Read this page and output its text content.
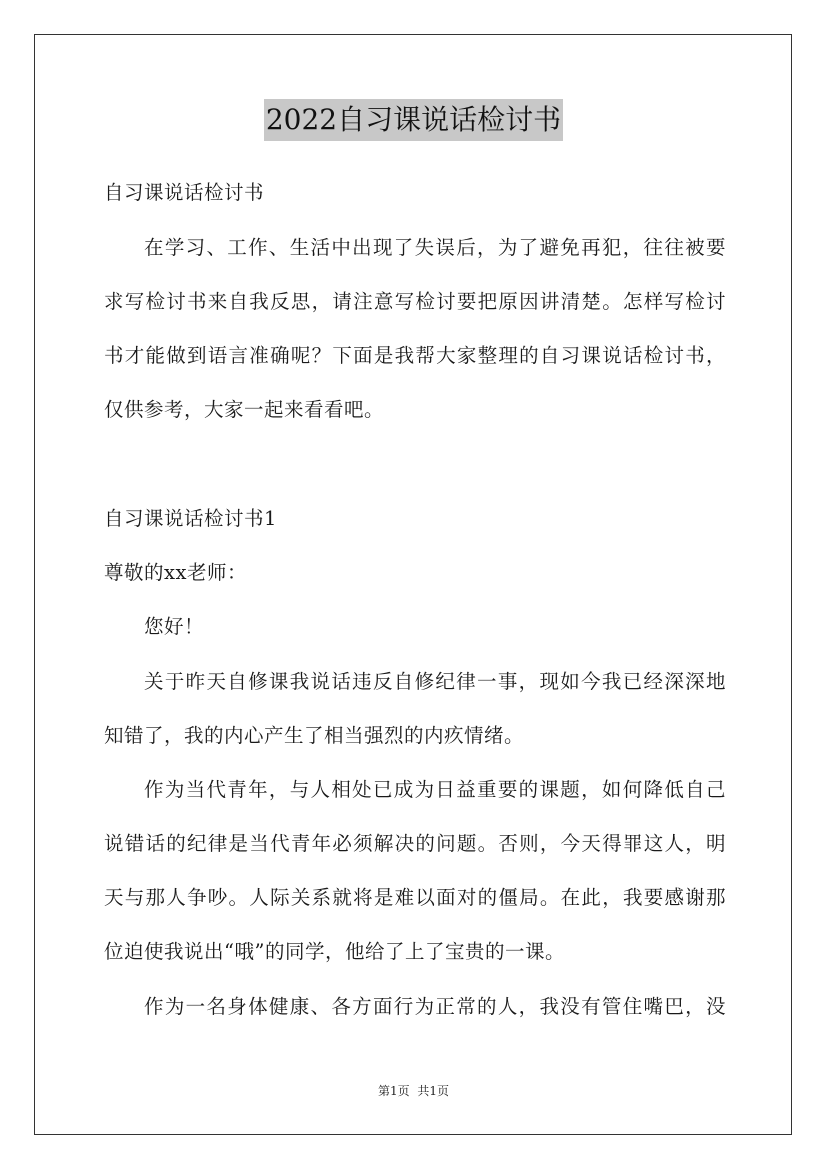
2022自习课说话检讨书
自习课说话检讨书
在学习、工作、生活中出现了失误后，为了避免再犯，往往被要
求写检讨书来自我反思，请注意写检讨要把原因讲清楚。怎样写检讨
书才能做到语言准确呢？下面是我帮大家整理的自习课说话检讨书，
仅供参考，大家一起来看看吧。
自习课说话检讨书1
尊敬的xx老师：
您好！
关于昨天自修课我说话违反自修纪律一事，现如今我已经深深地
知错了，我的内心产生了相当强烈的内疚情绪。
作为当代青年，与人相处已成为日益重要的课题，如何降低自己
说错话的纪律是当代青年必须解决的问题。否则，今天得罪这人，明
天与那人争吵。人际关系就将是难以面对的僵局。在此，我要感谢那
位迫使我说出“哦”的同学，他给了上了宝贵的一课。
作为一名身体健康、各方面行为正常的人，我没有管住嘴巴，没
第1页 共1页
